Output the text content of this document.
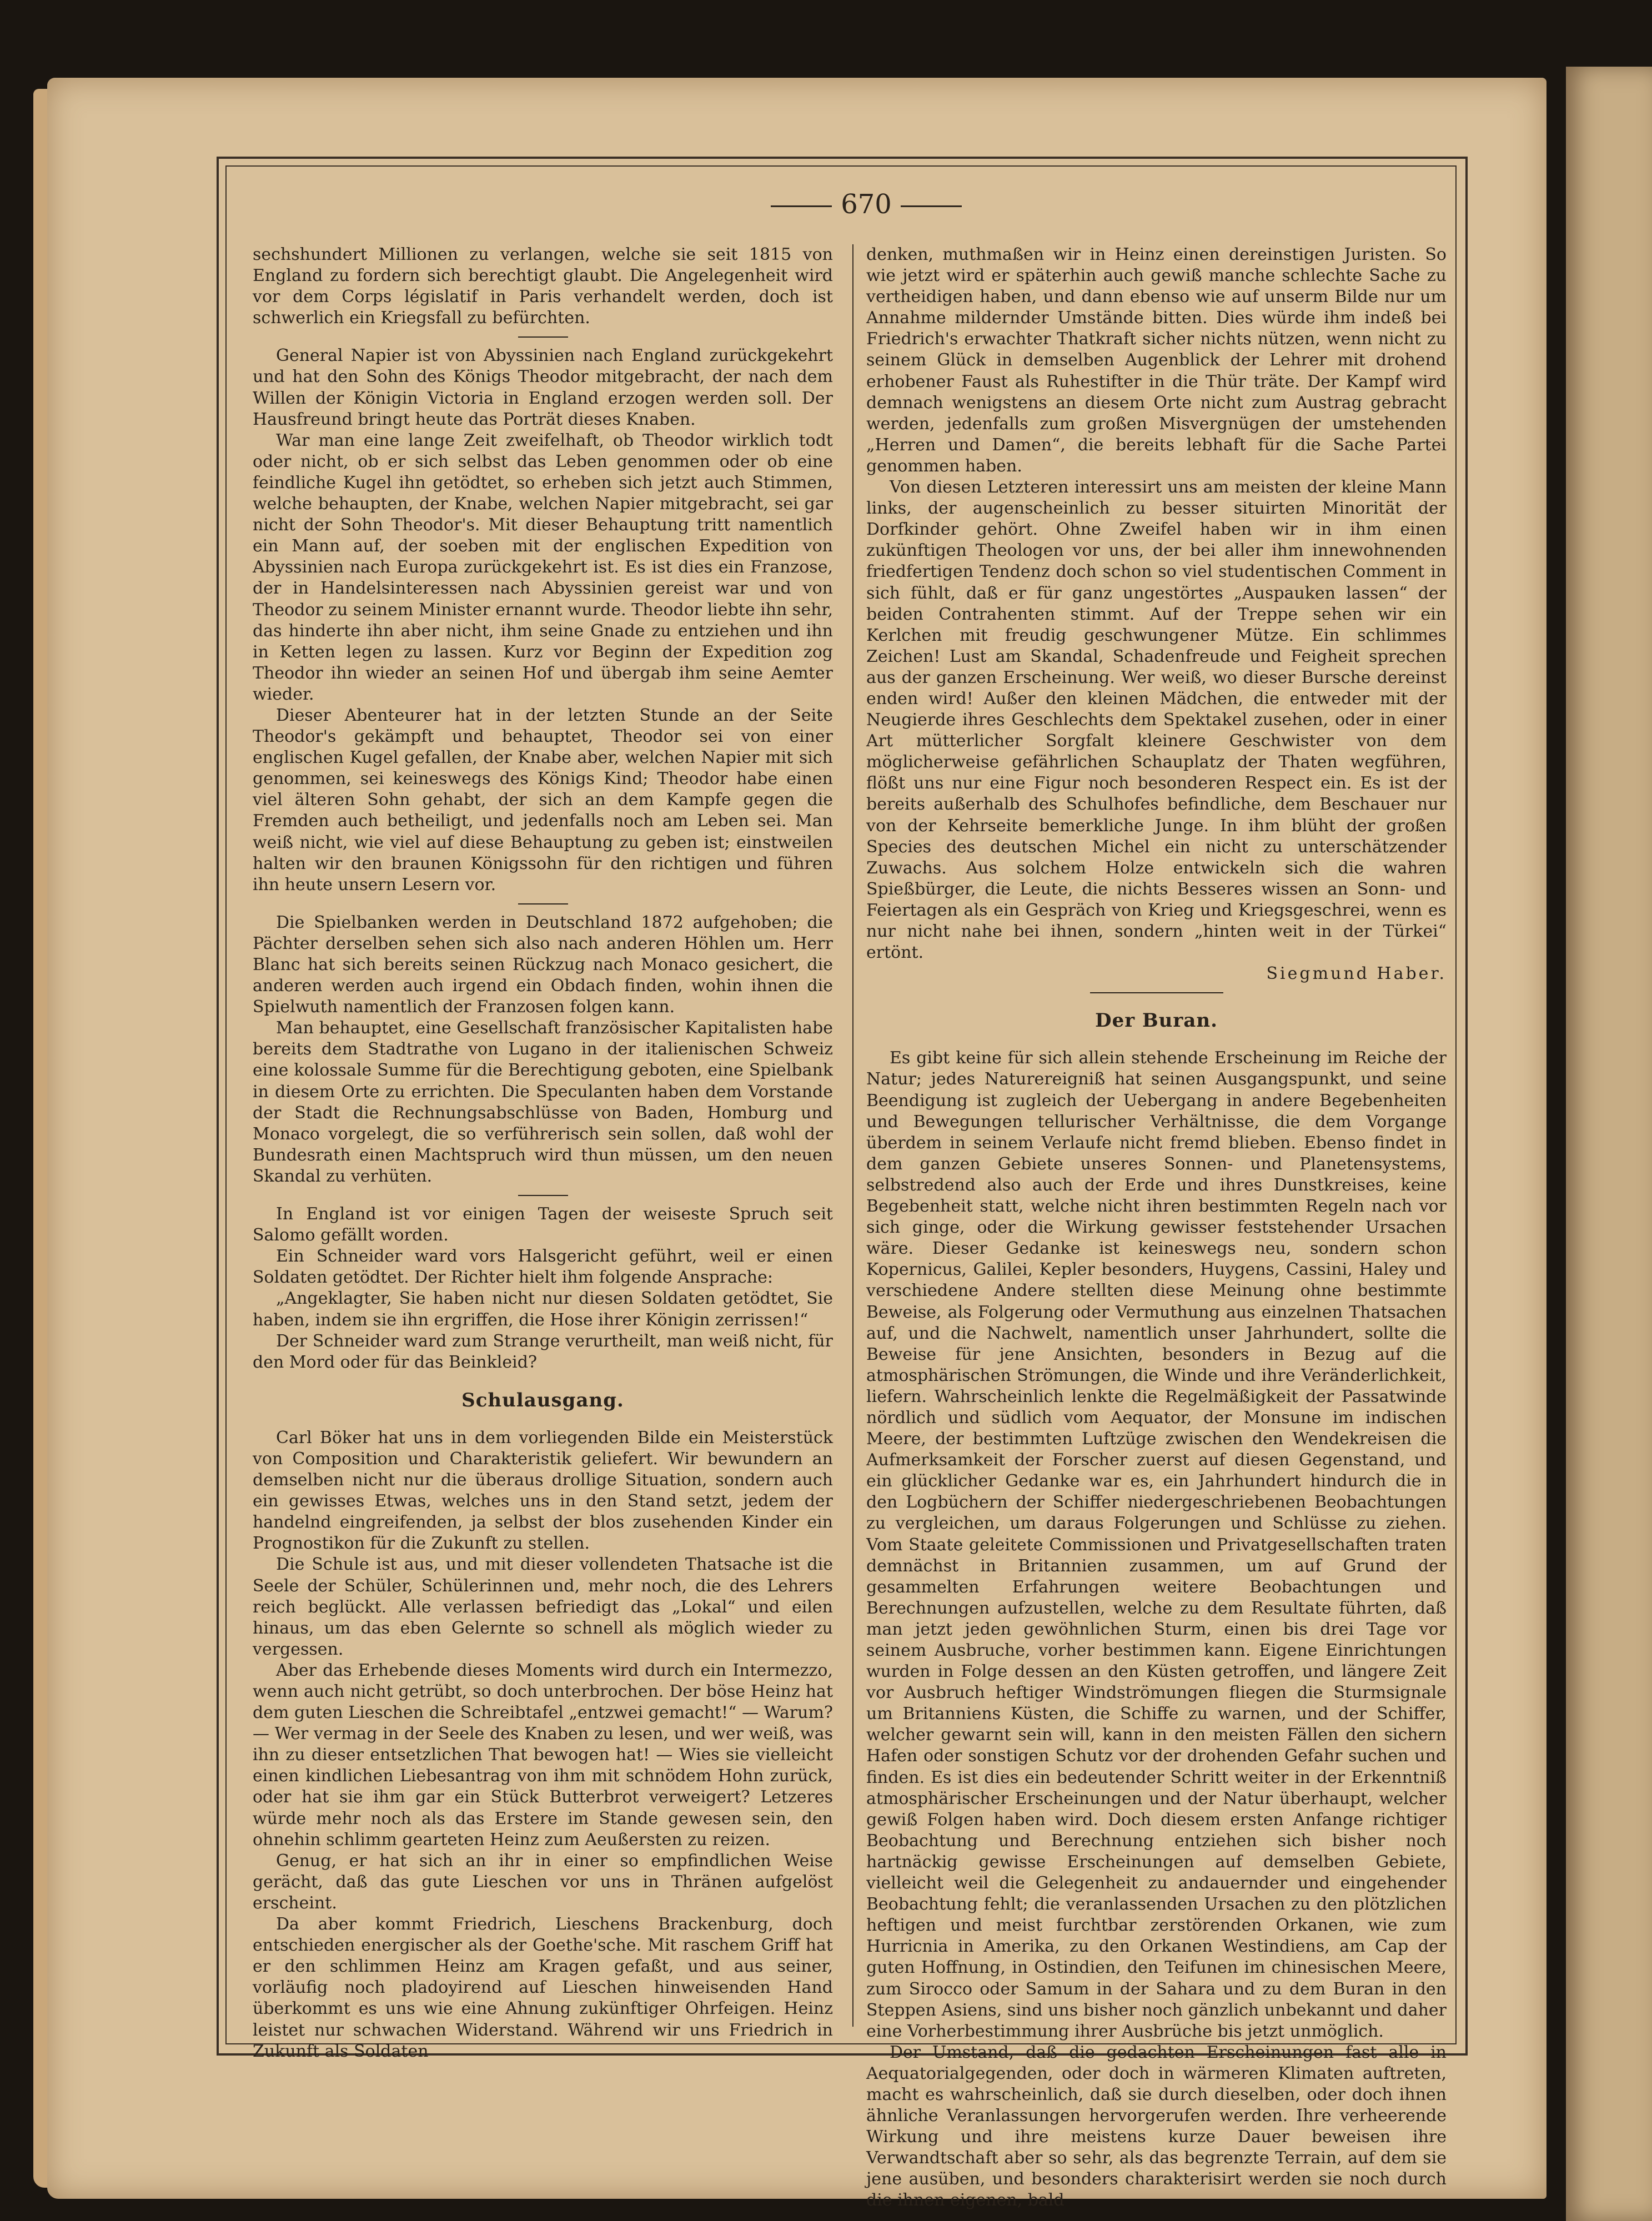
670

sechshundert Millionen zu verlangen, welche sie seit 1815 von England zu fordern sich berechtigt glaubt. Die Angelegenheit wird vor dem Corps législatif in Paris verhandelt werden, doch ist schwerlich ein Kriegsfall zu befürchten.

General Napier ist von Abyssinien nach England zurückgekehrt und hat den Sohn des Königs Theodor mitgebracht, der nach dem Willen der Königin Victoria in England erzogen werden soll. Der Hausfreund bringt heute das Porträt dieses Knaben.

War man eine lange Zeit zweifelhaft, ob Theodor wirklich todt oder nicht, ob er sich selbst das Leben genommen oder ob eine feindliche Kugel ihn getödtet, so erheben sich jetzt auch Stimmen, welche behaupten, der Knabe, welchen Napier mitgebracht, sei gar nicht der Sohn Theodor's. Mit dieser Behauptung tritt namentlich ein Mann auf, der soeben mit der englischen Expedition von Abyssinien nach Europa zurückgekehrt ist. Es ist dies ein Franzose, der in Handelsinteressen nach Abyssinien gereist war und von Theodor zu seinem Minister ernannt wurde. Theodor liebte ihn sehr, das hinderte ihn aber nicht, ihm seine Gnade zu entziehen und ihn in Ketten legen zu lassen. Kurz vor Beginn der Expedition zog Theodor ihn wieder an seinen Hof und übergab ihm seine Aemter wieder.

Dieser Abenteurer hat in der letzten Stunde an der Seite Theodor's gekämpft und behauptet, Theodor sei von einer englischen Kugel gefallen, der Knabe aber, welchen Napier mit sich genommen, sei keineswegs des Königs Kind; Theodor habe einen viel älteren Sohn gehabt, der sich an dem Kampfe gegen die Fremden auch betheiligt, und jedenfalls noch am Leben sei. Man weiß nicht, wie viel auf diese Behauptung zu geben ist; einstweilen halten wir den braunen Königssohn für den richtigen und führen ihn heute unsern Lesern vor.

Die Spielbanken werden in Deutschland 1872 aufgehoben; die Pächter derselben sehen sich also nach anderen Höhlen um. Herr Blanc hat sich bereits seinen Rückzug nach Monaco gesichert, die anderen werden auch irgend ein Obdach finden, wohin ihnen die Spielwuth namentlich der Franzosen folgen kann.

Man behauptet, eine Gesellschaft französischer Kapitalisten habe bereits dem Stadtrathe von Lugano in der italienischen Schweiz eine kolossale Summe für die Berechtigung geboten, eine Spielbank in diesem Orte zu errichten. Die Speculanten haben dem Vorstande der Stadt die Rechnungsabschlüsse von Baden, Homburg und Monaco vorgelegt, die so verführerisch sein sollen, daß wohl der Bundesrath einen Machtspruch wird thun müssen, um den neuen Skandal zu verhüten.

In England ist vor einigen Tagen der weiseste Spruch seit Salomo gefällt worden.

Ein Schneider ward vors Halsgericht geführt, weil er einen Soldaten getödtet. Der Richter hielt ihm folgende Ansprache:

„Angeklagter, Sie haben nicht nur diesen Soldaten getödtet, Sie haben, indem sie ihn ergriffen, die Hose ihrer Königin zerrissen!“

Der Schneider ward zum Strange verurtheilt, man weiß nicht, für den Mord oder für das Beinkleid?

Schulausgang.

Carl Böker hat uns in dem vorliegenden Bilde ein Meisterstück von Composition und Charakteristik geliefert. Wir bewundern an demselben nicht nur die überaus drollige Situation, sondern auch ein gewisses Etwas, welches uns in den Stand setzt, jedem der handelnd eingreifenden, ja selbst der blos zusehenden Kinder ein Prognostikon für die Zukunft zu stellen.

Die Schule ist aus, und mit dieser vollendeten Thatsache ist die Seele der Schüler, Schülerinnen und, mehr noch, die des Lehrers reich beglückt. Alle verlassen befriedigt das „Lokal“ und eilen hinaus, um das eben Gelernte so schnell als möglich wieder zu vergessen.

Aber das Erhebende dieses Moments wird durch ein Intermezzo, wenn auch nicht getrübt, so doch unterbrochen. Der böse Heinz hat dem guten Lieschen die Schreibtafel „entzwei gemacht!“ — Warum? — Wer vermag in der Seele des Knaben zu lesen, und wer weiß, was ihn zu dieser entsetzlichen That bewogen hat! — Wies sie vielleicht einen kindlichen Liebesantrag von ihm mit schnödem Hohn zurück, oder hat sie ihm gar ein Stück Butterbrot verweigert? Letzeres würde mehr noch als das Erstere im Stande gewesen sein, den ohnehin schlimm gearteten Heinz zum Aeußersten zu reizen.

Genug, er hat sich an ihr in einer so empfindlichen Weise gerächt, daß das gute Lieschen vor uns in Thränen aufgelöst erscheint.

Da aber kommt Friedrich, Lieschens Brackenburg, doch entschieden energischer als der Goethe'sche. Mit raschem Griff hat er den schlimmen Heinz am Kragen gefaßt, und aus seiner, vorläufig noch pladoyirend auf Lieschen hinweisenden Hand überkommt es uns wie eine Ahnung zukünftiger Ohrfeigen. Heinz leistet nur schwachen Widerstand. Während wir uns Friedrich in Zukunft als Soldaten

denken, muthmaßen wir in Heinz einen dereinstigen Juristen. So wie jetzt wird er späterhin auch gewiß manche schlechte Sache zu vertheidigen haben, und dann ebenso wie auf unserm Bilde nur um Annahme mildernder Umstände bitten. Dies würde ihm indeß bei Friedrich's erwachter Thatkraft sicher nichts nützen, wenn nicht zu seinem Glück in demselben Augenblick der Lehrer mit drohend erhobener Faust als Ruhestifter in die Thür träte. Der Kampf wird demnach wenigstens an diesem Orte nicht zum Austrag gebracht werden, jedenfalls zum großen Misvergnügen der umstehenden „Herren und Damen“, die bereits lebhaft für die Sache Partei genommen haben.

Von diesen Letzteren interessirt uns am meisten der kleine Mann links, der augenscheinlich zu besser situirten Minorität der Dorfkinder gehört. Ohne Zweifel haben wir in ihm einen zukünftigen Theologen vor uns, der bei aller ihm innewohnenden friedfertigen Tendenz doch schon so viel studentischen Comment in sich fühlt, daß er für ganz ungestörtes „Auspauken lassen“ der beiden Contrahenten stimmt. Auf der Treppe sehen wir ein Kerlchen mit freudig geschwungener Mütze. Ein schlimmes Zeichen! Lust am Skandal, Schadenfreude und Feigheit sprechen aus der ganzen Erscheinung. Wer weiß, wo dieser Bursche dereinst enden wird! Außer den kleinen Mädchen, die entweder mit der Neugierde ihres Geschlechts dem Spektakel zusehen, oder in einer Art mütterlicher Sorgfalt kleinere Geschwister von dem möglicherweise gefährlichen Schauplatz der Thaten wegführen, flößt uns nur eine Figur noch besonderen Respect ein. Es ist der bereits außerhalb des Schulhofes befindliche, dem Beschauer nur von der Kehrseite bemerkliche Junge. In ihm blüht der großen Species des deutschen Michel ein nicht zu unterschätzender Zuwachs. Aus solchem Holze entwickeln sich die wahren Spießbürger, die Leute, die nichts Besseres wissen an Sonn- und Feiertagen als ein Gespräch von Krieg und Kriegsgeschrei, wenn es nur nicht nahe bei ihnen, sondern „hinten weit in der Türkei“ ertönt.

Siegmund Haber.

Der Buran.

Es gibt keine für sich allein stehende Erscheinung im Reiche der Natur; jedes Naturereigniß hat seinen Ausgangspunkt, und seine Beendigung ist zugleich der Uebergang in andere Begebenheiten und Bewegungen tellurischer Verhältnisse, die dem Vorgange überdem in seinem Verlaufe nicht fremd blieben. Ebenso findet in dem ganzen Gebiete unseres Sonnen- und Planetensystems, selbstredend also auch der Erde und ihres Dunstkreises, keine Begebenheit statt, welche nicht ihren bestimmten Regeln nach vor sich ginge, oder die Wirkung gewisser feststehender Ursachen wäre. Dieser Gedanke ist keineswegs neu, sondern schon Kopernicus, Galilei, Kepler besonders, Huygens, Cassini, Haley und verschiedene Andere stellten diese Meinung ohne bestimmte Beweise, als Folgerung oder Vermuthung aus einzelnen Thatsachen auf, und die Nachwelt, namentlich unser Jahrhundert, sollte die Beweise für jene Ansichten, besonders in Bezug auf die atmosphärischen Strömungen, die Winde und ihre Veränderlichkeit, liefern. Wahrscheinlich lenkte die Regelmäßigkeit der Passatwinde nördlich und südlich vom Aequator, der Monsune im indischen Meere, der bestimmten Luftzüge zwischen den Wendekreisen die Aufmerksamkeit der Forscher zuerst auf diesen Gegenstand, und ein glücklicher Gedanke war es, ein Jahrhundert hindurch die in den Logbüchern der Schiffer niedergeschriebenen Beobachtungen zu vergleichen, um daraus Folgerungen und Schlüsse zu ziehen. Vom Staate geleitete Commissionen und Privatgesellschaften traten demnächst in Britannien zusammen, um auf Grund der gesammelten Erfahrungen weitere Beobachtungen und Berechnungen aufzustellen, welche zu dem Resultate führten, daß man jetzt jeden gewöhnlichen Sturm, einen bis drei Tage vor seinem Ausbruche, vorher bestimmen kann. Eigene Einrichtungen wurden in Folge dessen an den Küsten getroffen, und längere Zeit vor Ausbruch heftiger Windströmungen fliegen die Sturmsignale um Britanniens Küsten, die Schiffe zu warnen, und der Schiffer, welcher gewarnt sein will, kann in den meisten Fällen den sichern Hafen oder sonstigen Schutz vor der drohenden Gefahr suchen und finden. Es ist dies ein bedeutender Schritt weiter in der Erkenntniß atmosphärischer Erscheinungen und der Natur überhaupt, welcher gewiß Folgen haben wird. Doch diesem ersten Anfange richtiger Beobachtung und Berechnung entziehen sich bisher noch hartnäckig gewisse Erscheinungen auf demselben Gebiete, vielleicht weil die Gelegenheit zu andauernder und eingehender Beobachtung fehlt; die veranlassenden Ursachen zu den plötzlichen heftigen und meist furchtbar zerstörenden Orkanen, wie zum Hurricnia in Amerika, zu den Orkanen Westindiens, am Cap der guten Hoffnung, in Ostindien, den Teifunen im chinesischen Meere, zum Sirocco oder Samum in der Sahara und zu dem Buran in den Steppen Asiens, sind uns bisher noch gänzlich unbekannt und daher eine Vorherbestimmung ihrer Ausbrüche bis jetzt unmöglich.

Der Umstand, daß die gedachten Erscheinungen fast alle in Aequatorialgegenden, oder doch in wärmeren Klimaten auftreten, macht es wahrscheinlich, daß sie durch dieselben, oder doch ihnen ähnliche Veranlassungen hervorgerufen werden. Ihre verheerende Wirkung und ihre meistens kurze Dauer beweisen ihre Verwandtschaft aber so sehr, als das begrenzte Terrain, auf dem sie jene ausüben, und besonders charakterisirt werden sie noch durch die ihnen eigenen, bald
